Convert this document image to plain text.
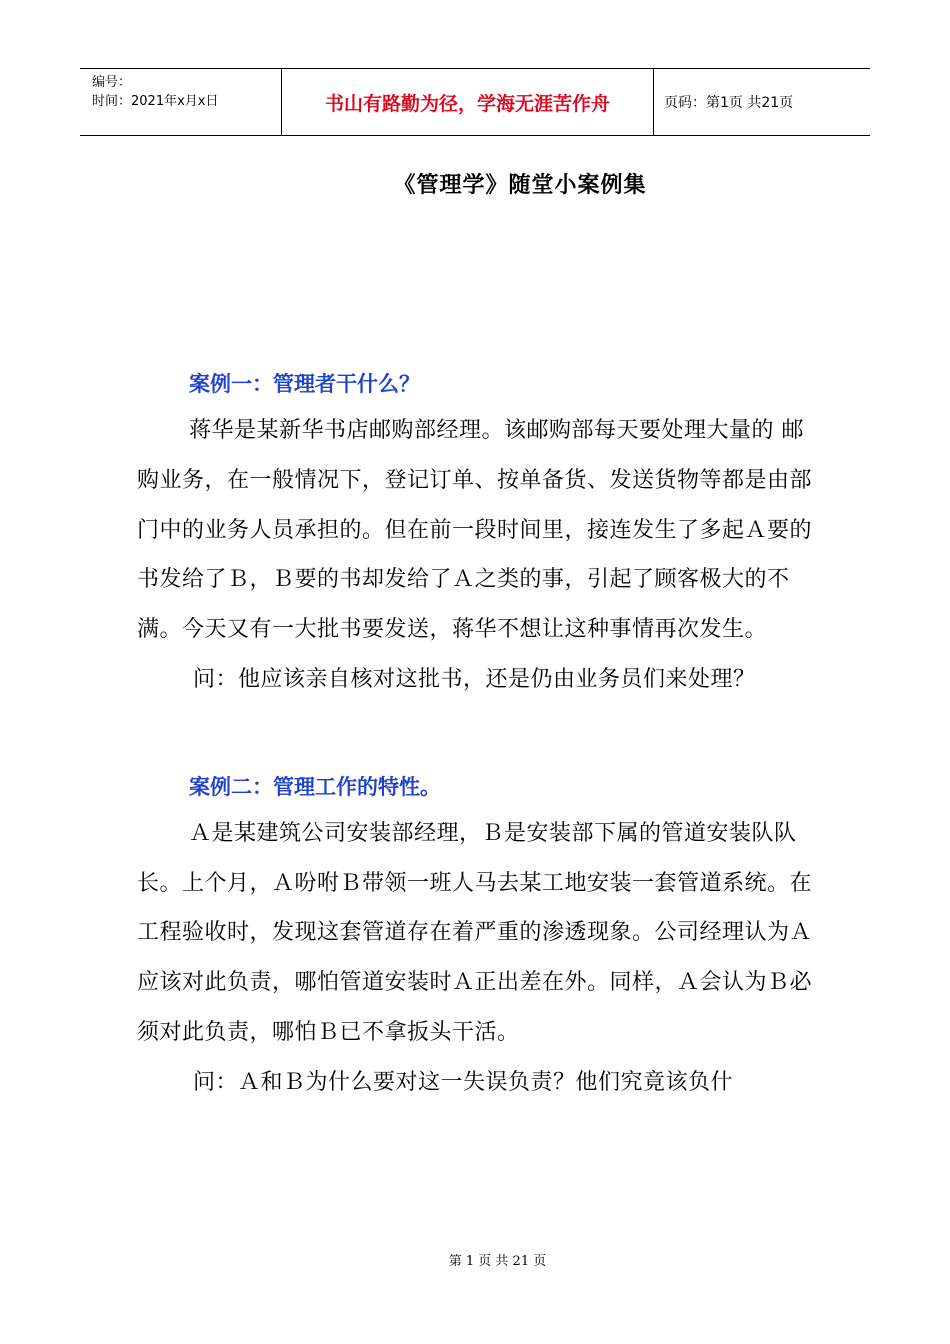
编号：
时间：2021年x月x日	书山有路勤为径，学海无涯苦作舟	页码：第1页 共21页
《管理学》随堂小案例集
案例一：管理者干什么？

蒋华是某新华书店邮购部经理。该邮购部每天要处理大量的 邮购业务，在一般情况下，登记订单、按单备货、发送货物等都是由部门中的业务人员承担的。但在前一段时间里，接连发生了多起Ａ要的书发给了Ｂ，Ｂ要的书却发给了Ａ之类的事，引起了顾客极大的不满。今天又有一大批书要发送，蒋华不想让这种事情再次发生。

问：他应该亲自核对这批书，还是仍由业务员们来处理？

案例二：管理工作的特性。

Ａ是某建筑公司安装部经理，Ｂ是安装部下属的管道安装队队长。上个月，Ａ吩咐Ｂ带领一班人马去某工地安装一套管道系统。在工程验收时，发现这套管道存在着严重的渗透现象。公司经理认为Ａ应该对此负责，哪怕管道安装时Ａ正出差在外。同样，Ａ会认为Ｂ必须对此负责，哪怕Ｂ已不拿扳头干活。

问：Ａ和Ｂ为什么要对这一失误负责？他们究竟该负什

第 1 页 共 21 页
